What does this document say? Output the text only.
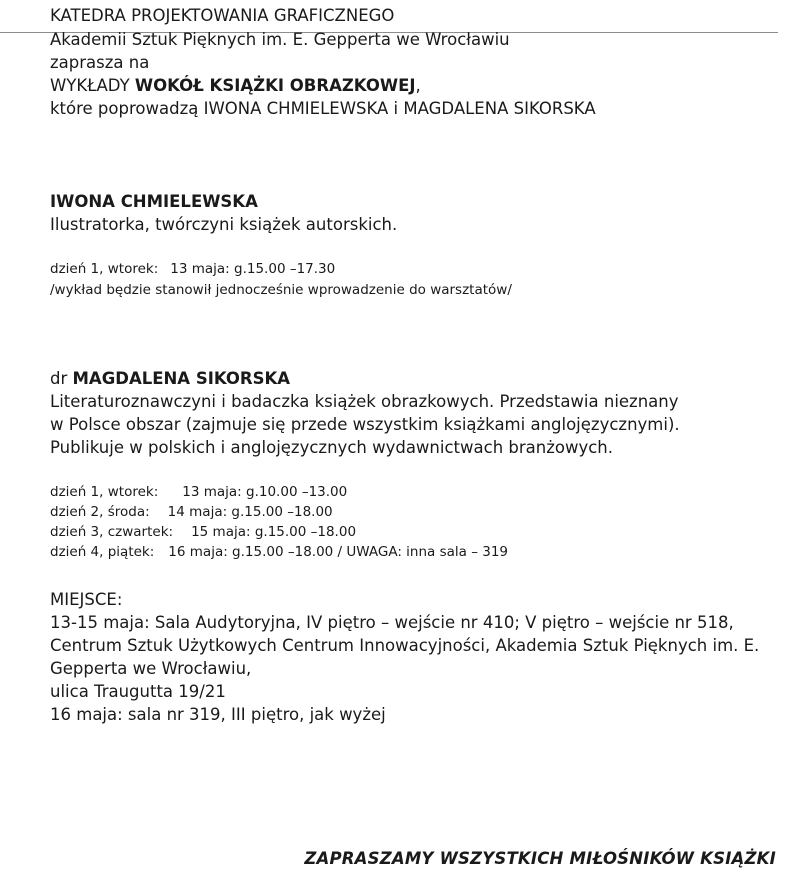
KATEDRA PROJEKTOWANIA GRAFICZNEGO
Akademii Sztuk Pięknych im. E. Gepperta we Wrocławiu
zaprasza na
WYKŁADY WOKÓŁ KSIĄŻKI OBRAZKOWEJ,
które poprowadzą IWONA CHMIELEWSKA i MAGDALENA SIKORSKA
IWONA CHMIELEWSKA
Ilustratorka, twórczyni książek autorskich.
dzień 1, wtorek: 13 maja: g.15.00 –17.30
/wykład będzie stanowił jednocześnie wprowadzenie do warsztatów/
dr MAGDALENA SIKORSKA
Literaturoznawczyni i badaczka książek obrazkowych. Przedstawia nieznany
w Polsce obszar (zajmuje się przede wszystkim książkami anglojęzycznymi).
Publikuje w polskich i anglojęzycznych wydawnictwach branżowych.
dzień 1, wtorek: 13 maja: g.10.00 –13.00
dzień 2, środa: 14 maja: g.15.00 –18.00
dzień 3, czwartek: 15 maja: g.15.00 –18.00
dzień 4, piątek: 16 maja: g.15.00 –18.00 / UWAGA: inna sala – 319
MIEJSCE:
13-15 maja: Sala Audytoryjna, IV piętro – wejście nr 410; V piętro – wejście nr 518,
Centrum Sztuk Użytkowych Centrum Innowacyjności, Akademia Sztuk Pięknych im. E.
Gepperta we Wrocławiu,
ulica Traugutta 19/21
16 maja: sala nr 319, III piętro, jak wyżej
ZAPRASZAMY WSZYSTKICH MIŁOŚNIKÓW KSIĄŻKI
